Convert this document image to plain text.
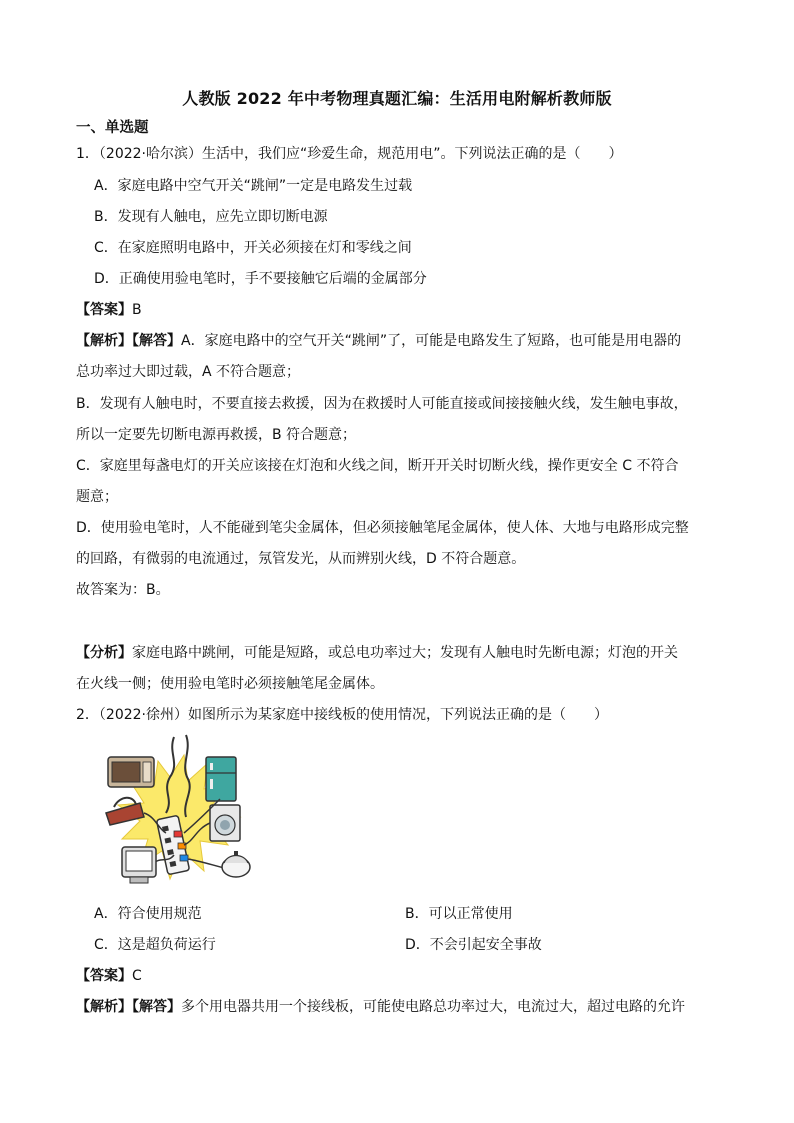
人教版 2022 年中考物理真题汇编：生活用电附解析教师版
一、单选题
1．（2022·哈尔滨）生活中，我们应“珍爱生命，规范用电”。下列说法正确的是（　　）
A．家庭电路中空气开关“跳闸”一定是电路发生过载
B．发现有人触电，应先立即切断电源
C．在家庭照明电路中，开关必须接在灯和零线之间
D．正确使用验电笔时，手不要接触它后端的金属部分
【答案】B
【解析】【解答】A．家庭电路中的空气开关“跳闸”了，可能是电路发生了短路，也可能是用电器的
总功率过大即过载，A 不符合题意；
B．发现有人触电时，不要直接去救援，因为在救援时人可能直接或间接接触火线，发生触电事故，
所以一定要先切断电源再救援，B 符合题意；
C．家庭里每盏电灯的开关应该接在灯泡和火线之间，断开开关时切断火线，操作更安全 C 不符合
题意；
D．使用验电笔时，人不能碰到笔尖金属体，但必须接触笔尾金属体，使人体、大地与电路形成完整
的回路，有微弱的电流通过，氖管发光，从而辨别火线，D 不符合题意。
故答案为：B。
【分析】家庭电路中跳闸，可能是短路，或总电功率过大；发现有人触电时先断电源；灯泡的开关
在火线一侧；使用验电笔时必须接触笔尾金属体。
2．（2022·徐州）如图所示为某家庭中接线板的使用情况，下列说法正确的是（　　）
A．符合使用规范	B．可以正常使用
C．这是超负荷运行	D．不会引起安全事故
【答案】C
【解析】【解答】多个用电器共用一个接线板，可能使电路总功率过大，电流过大，超过电路的允许
